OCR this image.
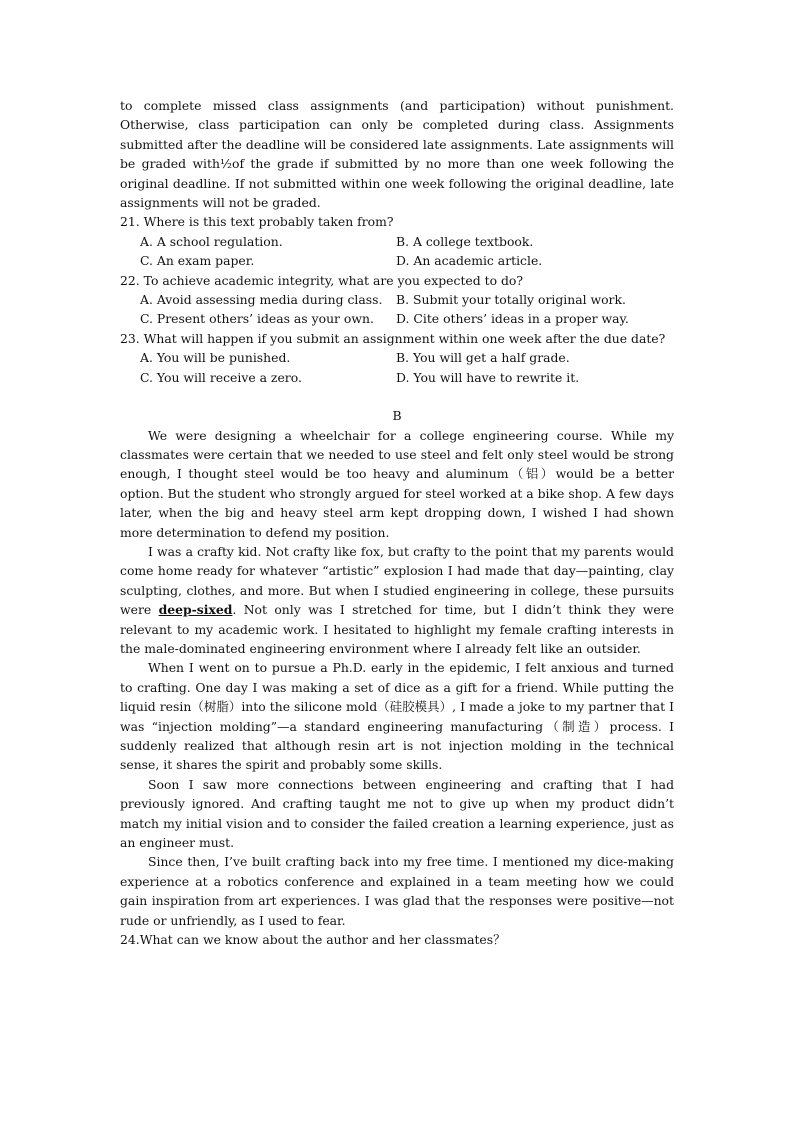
to complete missed class assignments (and participation) without punishment. Otherwise, class participation can only be completed during class. Assignments submitted after the deadline will be considered late assignments. Late assignments will be graded with½of the grade if submitted by no more than one week following the original deadline. If not submitted within one week following the original deadline, late assignments will not be graded.

21. Where is this text probably taken from?
A. A school regulation.	B. A college textbook.
C. An exam paper.	D. An academic article.
22. To achieve academic integrity, what are you expected to do?
A. Avoid assessing media during class.	B. Submit your totally original work.
C. Present others’ ideas as your own.	D. Cite others’ ideas in a proper way.
23. What will happen if you submit an assignment within one week after the due date?
A. You will be punished.	B. You will get a half grade.
C. You will receive a zero.	D. You will have to rewrite it.
B

We were designing a wheelchair for a college engineering course. While my classmates were certain that we needed to use steel and felt only steel would be strong enough, I thought steel would be too heavy and aluminum（铝）would be a better option. But the student who strongly argued for steel worked at a bike shop. A few days later, when the big and heavy steel arm kept dropping down, I wished I had shown more determination to defend my position.

I was a crafty kid. Not crafty like fox, but crafty to the point that my parents would come home ready for whatever “artistic” explosion I had made that day—painting, clay sculpting, clothes, and more. But when I studied engineering in college, these pursuits were deep-sixed. Not only was I stretched for time, but I didn’t think they were relevant to my academic work. I hesitated to highlight my female crafting interests in the male-dominated engineering environment where I already felt like an outsider.

When I went on to pursue a Ph.D. early in the epidemic, I felt anxious and turned to crafting. One day I was making a set of dice as a gift for a friend. While putting the liquid resin（树脂）into the silicone mold（硅胶模具）, I made a joke to my partner that I was “injection molding”—a standard engineering manufacturing（制造）process. I suddenly realized that although resin art is not injection molding in the technical sense, it shares the spirit and probably some skills.

Soon I saw more connections between engineering and crafting that I had previously ignored. And crafting taught me not to give up when my product didn’t match my initial vision and to consider the failed creation a learning experience, just as an engineer must.

Since then, I’ve built crafting back into my free time. I mentioned my dice-making experience at a robotics conference and explained in a team meeting how we could gain inspiration from art experiences. I was glad that the responses were positive—not rude or unfriendly, as I used to fear.

24.What can we know about the author and her classmates？
